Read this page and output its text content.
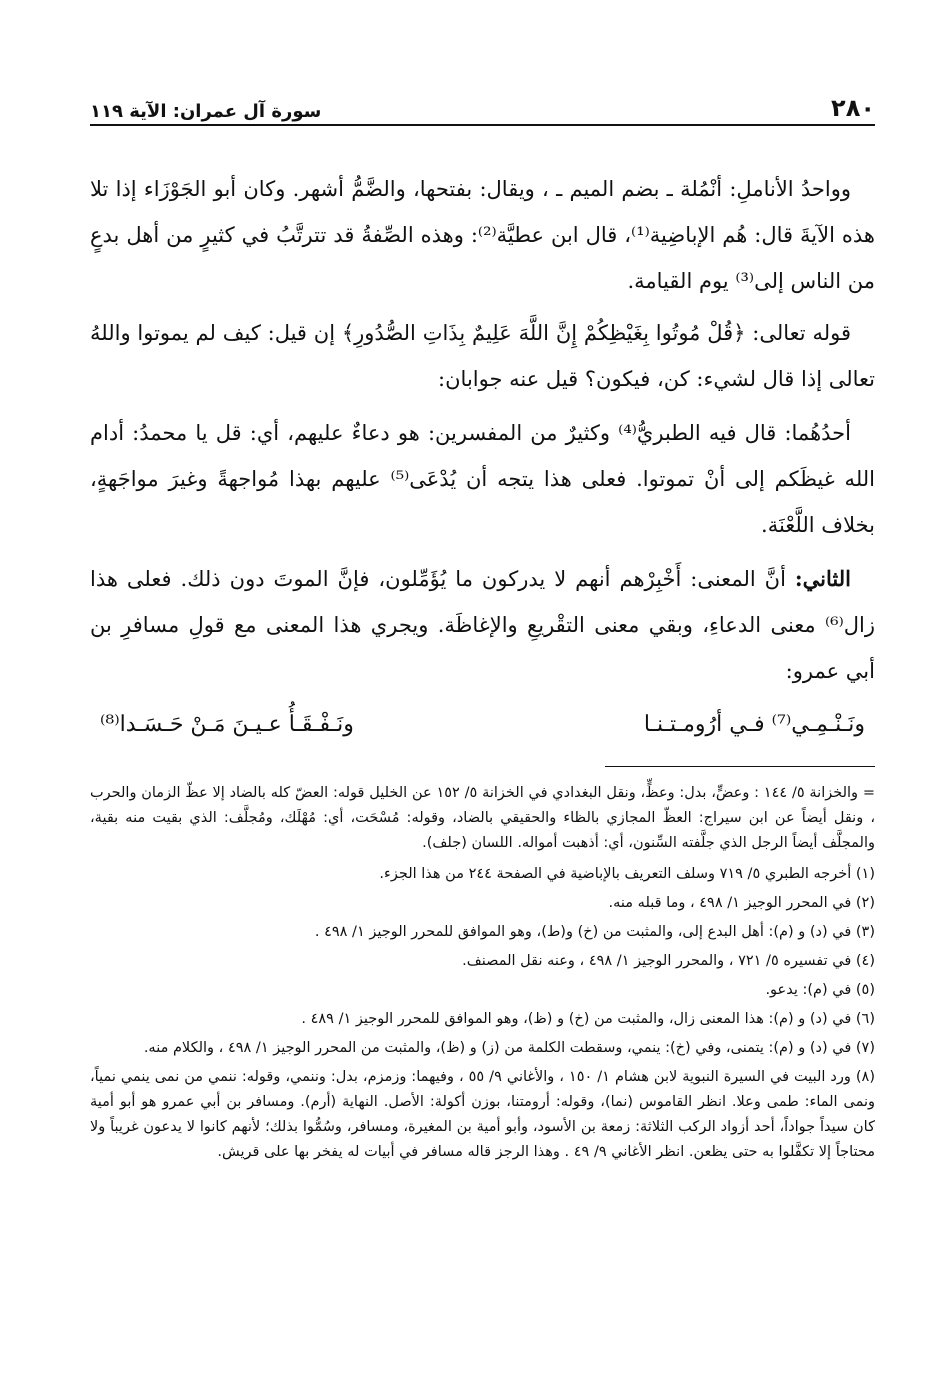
٢٨٠
سورة آل عمران: الآية ١١٩

وواحدُ الأناملِ: أنْمُلة ـ بضم الميم ـ ، ويقال: بفتحها، والضَّمُّ أشهر. وكان أبو الجَوْزَاء إذا تلا هذه الآيةَ قال: هُم الإباضِية⁽¹⁾، قال ابن عطيَّة⁽²⁾: وهذه الصِّفةُ قد تترتَّبُ في كثيرٍ من أهل بدعٍ من الناس إلى⁽³⁾ يوم القيامة.

قوله تعالى: ﴿قُلْ مُوتُوا بِغَيْظِكُمْ إِنَّ اللَّهَ عَلِيمٌ بِذَاتِ الصُّدُورِ﴾ إن قيل: كيف لم يموتوا واللهُ تعالى إذا قال لشيء: كن، فيكون؟ قيل عنه جوابان:

أحدُهُما: قال فيه الطبريُّ⁽⁴⁾ وكثيرٌ من المفسرين: هو دعاءٌ عليهم، أي: قل يا محمدُ: أدام الله غيظَكم إلى أنْ تموتوا. فعلى هذا يتجه أن يُدْعَى⁽⁵⁾ عليهم بهذا مُواجهةً وغيرَ مواجَهةٍ، بخلاف اللَّعْنَة.

الثاني: أنَّ المعنى: أَخْبِرْهم أنهم لا يدركون ما يُؤَمِّلون، فإنَّ الموتَ دون ذلك. فعلى هذا زال⁽⁶⁾ معنى الدعاءِ، وبقي معنى التقْريعِ والإغاظَة. ويجري هذا المعنى مع قولِ مسافرِ بن أبي عمرو:

ونَـنْـمِـي⁽⁷⁾ فـي أرُومـتـنـا
ونَـفْـقَـأُ عـيـنَ مَـنْ حَـسَـدا⁽⁸⁾

= والخزانة ٥/ ١٤٤ : وعضٍّ، بدل: وعظٍّ، ونقل البغدادي في الخزانة ٥/ ١٥٢ عن الخليل قوله: العضّ كله بالضاد إلا عظّ الزمان والحرب ، ونقل أيضاً عن ابن سيراج: العظّ المجازي بالظاء والحقيقي بالضاد، وقوله: مُسْحَت، أي: مُهْلَك، ومُجلَّف: الذي بقيت منه بقية، والمجلَّف أيضاً الرجل الذي جلَّفته السِّنون، أي: أذهبت أمواله. اللسان (جلف).

(١) أخرجه الطبري ٥/ ٧١٩ وسلف التعريف بالإباضية في الصفحة ٢٤٤ من هذا الجزء.

(٢) في المحرر الوجيز ١/ ٤٩٨ ، وما قبله منه.

(٣) في (د) و (م): أهل البدع إلى، والمثبت من (خ) و(ط)، وهو الموافق للمحرر الوجيز ١/ ٤٩٨ .

(٤) في تفسيره ٥/ ٧٢١ ، والمحرر الوجيز ١/ ٤٩٨ ، وعنه نقل المصنف.

(٥) في (م): يدعو.

(٦) في (د) و (م): هذا المعنى زال، والمثبت من (خ) و (ظ)، وهو الموافق للمحرر الوجيز ١/ ٤٨٩ .

(٧) في (د) و (م): يتمنى، وفي (خ): ينمي، وسقطت الكلمة من (ز) و (ظ)، والمثبت من المحرر الوجيز ١/ ٤٩٨ ، والكلام منه.

(٨) ورد البيت في السيرة النبوية لابن هشام ١/ ١٥٠ ، والأغاني ٩/ ٥٥ ، وفيهما: وزمزم، بدل: وننمي، وقوله: ننمي من نمى ينمي نمياً، ونمى الماء: طمى وعلا. انظر القاموس (نما)، وقوله: أرومتنا، بوزن أكولة: الأصل. النهاية (أرم). ومسافر بن أبي عمرو هو أبو أمية كان سيداً جواداً، أحد أزواد الركب الثلاثة: زمعة بن الأسود، وأبو أمية بن المغيرة، ومسافر، وسُمُّوا بذلك؛ لأنهم كانوا لا يدعون غريباً ولا محتاجاً إلا تكفَّلوا به حتى يظعن. انظر الأغاني ٩/ ٤٩ . وهذا الرجز قاله مسافر في أبيات له يفخر بها على قريش.
